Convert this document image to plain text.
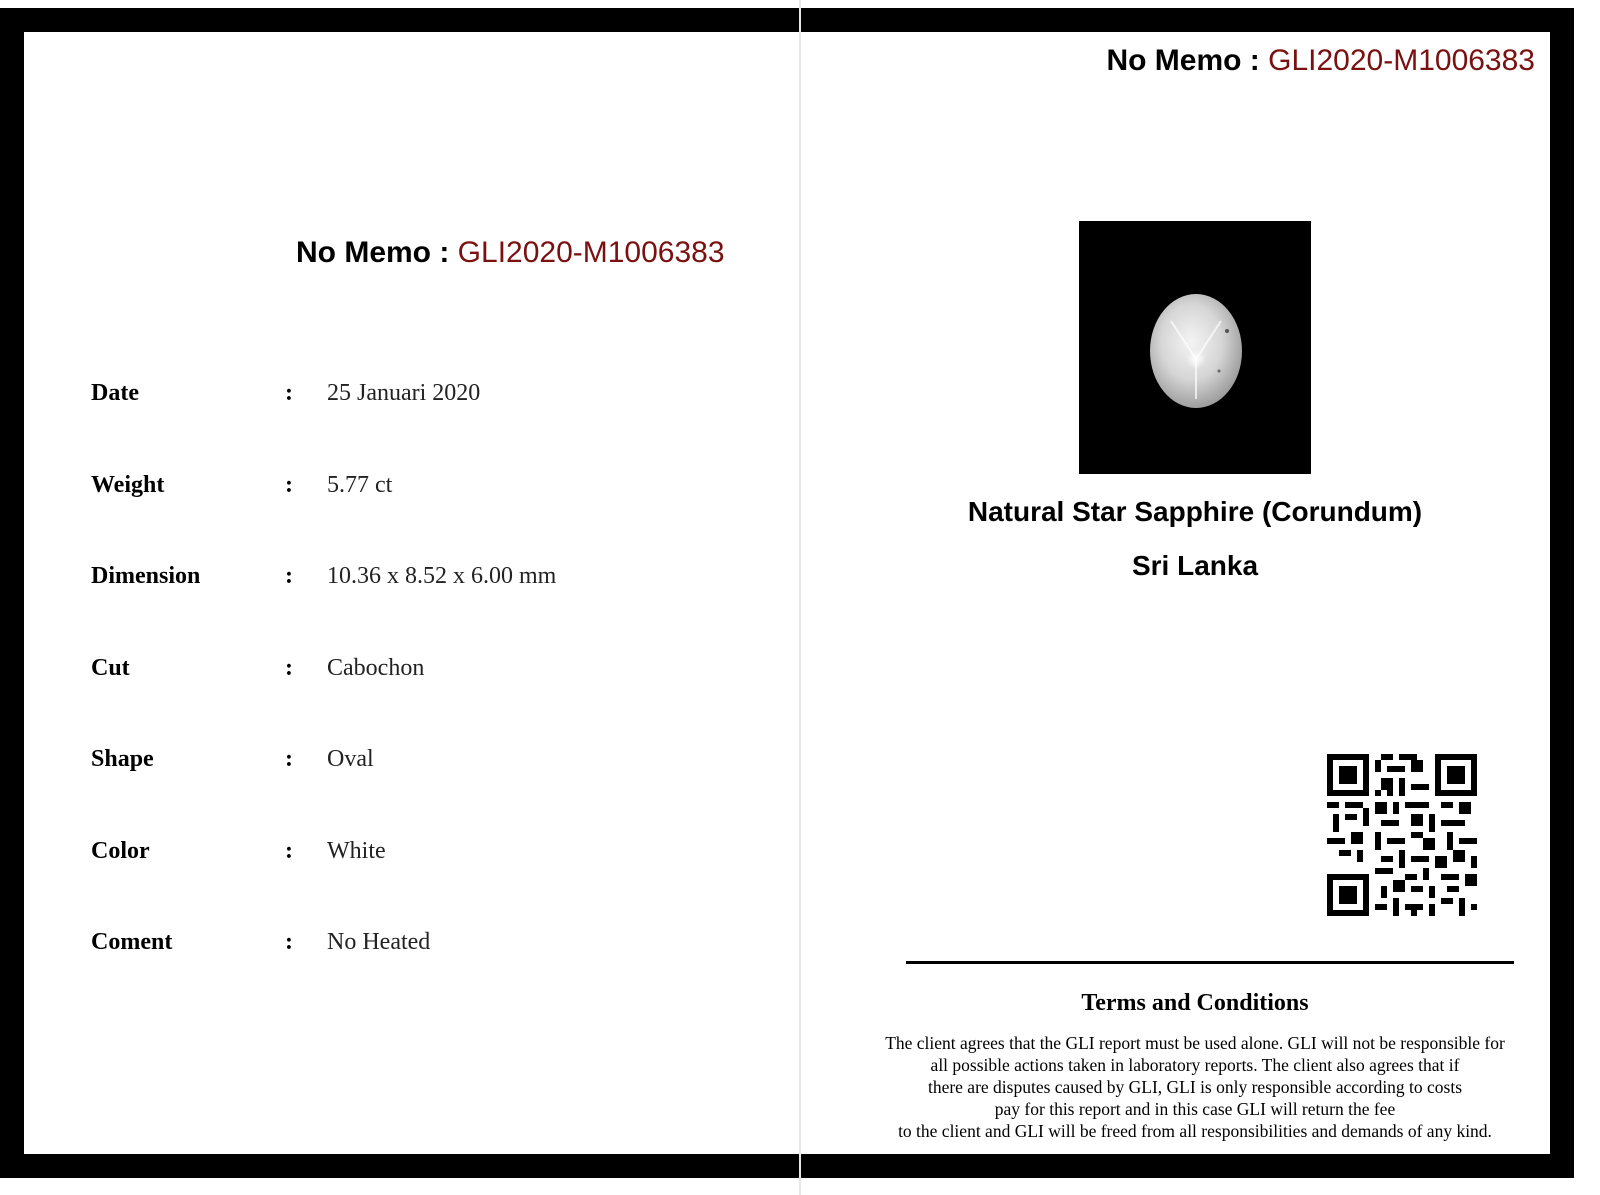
No Memo : GLI2020-M1006383
Date	: 25 Januari 2020
Weight	: 5.77 ct
Dimension	: 10.36 x 8.52 x 6.00 mm
Cut	: Cabochon
Shape	: Oval
Color	: White
Coment	: No Heated
No Memo : GLI2020-M1006383
Natural Star Sapphire (Corundum)
Sri Lanka
Terms and Conditions
The client agrees that the GLI report must be used alone. GLI will not be responsible for
all possible actions taken in laboratory reports. The client also agrees that if
there are disputes caused by GLI, GLI is only responsible according to costs
pay for this report and in this case GLI will return the fee
to the client and GLI will be freed from all responsibilities and demands of any kind.
